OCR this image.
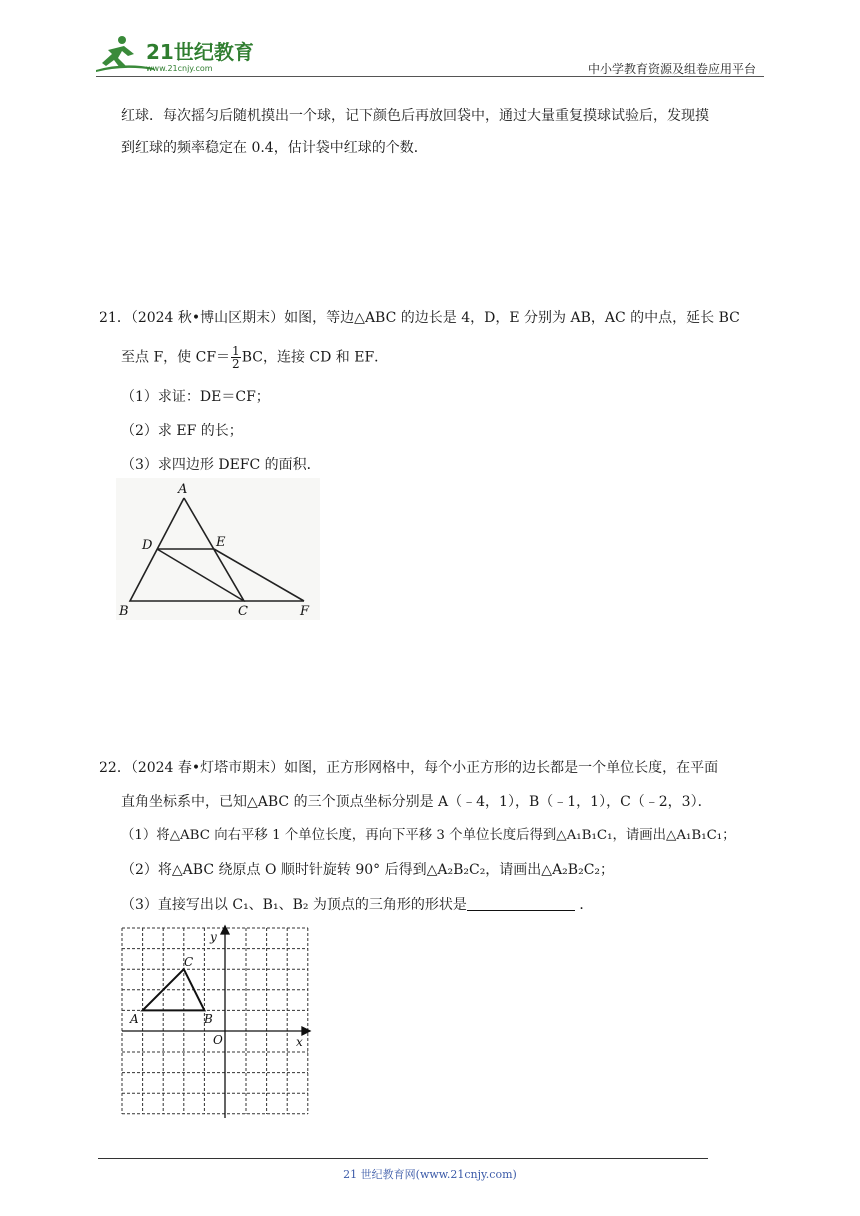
21世纪教育
www.21cnjy.com	中小学教育资源及组卷应用平台
红球．每次摇匀后随机摸出一个球，记下颜色后再放回袋中，通过大量重复摸球试验后，发现摸
到红球的频率稳定在 0.4，估计袋中红球的个数．
21．（2024 秋•博山区期末）如图，等边△ABC 的边长是 4，D，E 分别为 AB，AC 的中点，延长 BC
至点 F，使 $CF= \frac{1}{2}$ BC，连接 CD 和 EF．
（1）求证：DE＝CF；
（2）求 EF 的长；
（3）求四边形 DEFC 的面积．
A
D	E
B	C	F
22．（2024 春•灯塔市期末）如图，正方形网格中，每个小正方形的边长都是一个单位长度，在平面
直角坐标系中，已知△ABC 的三个顶点坐标分别是 A（﹣4，1），B（﹣1，1），C（﹣2，3）．
（1）将△ABC 向右平移 1 个单位长度，再向下平移 3 个单位长度后得到△A₁B₁C₁，请画出△A₁B₁C₁；
（2）将△ABC 绕原点 O 顺时针旋转 90° 后得到△A₂B₂C₂，请画出△A₂B₂C₂；
（3）直接写出以 C₁、B₁、B₂ 为顶点的三角形的形状是	．
A	B
C
O	x
y
21 世纪教育网(www.21cnjy.com)
